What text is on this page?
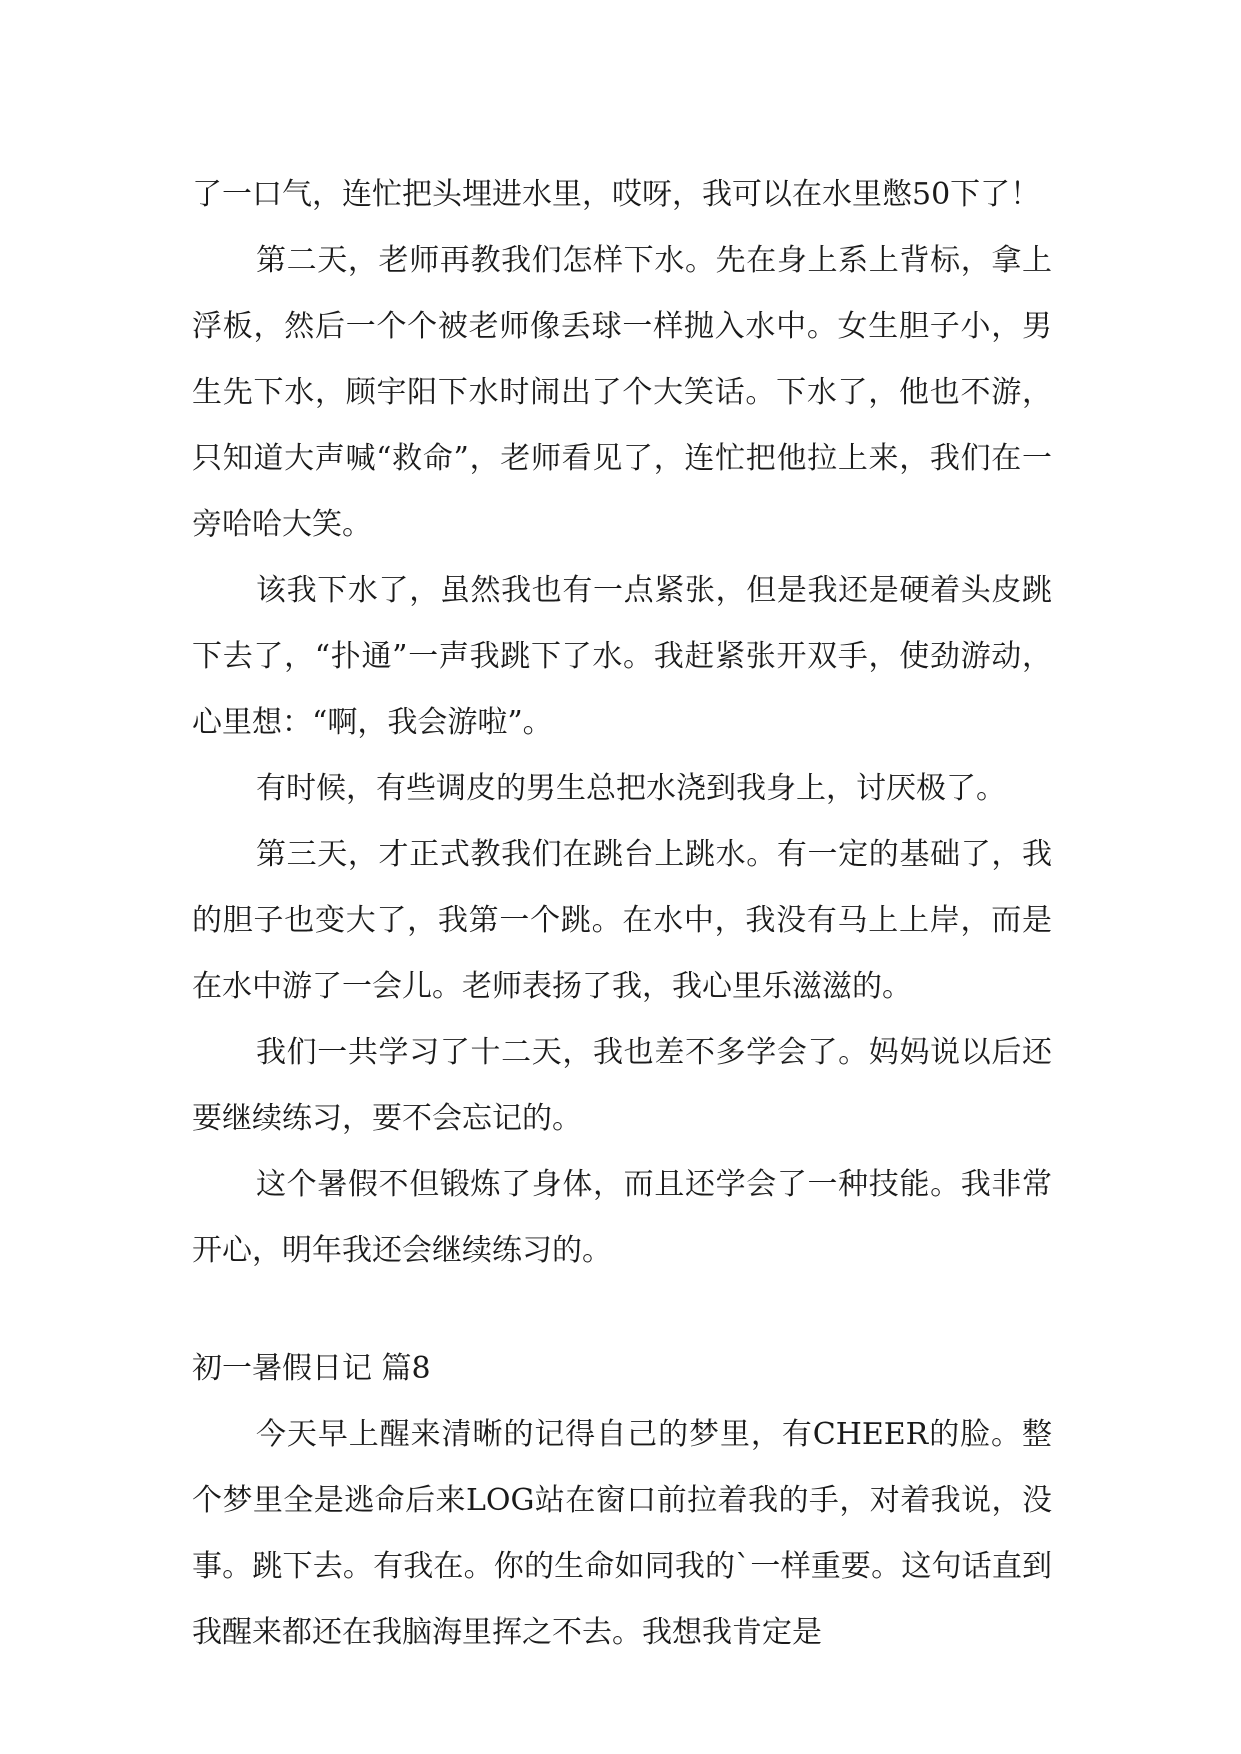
了一口气，连忙把头埋进水里，哎呀，我可以在水里憋50下了！

第二天，老师再教我们怎样下水。先在身上系上背标，拿上浮板，然后一个个被老师像丢球一样抛入水中。女生胆子小，男生先下水，顾宇阳下水时闹出了个大笑话。下水了，他也不游，只知道大声喊“救命”，老师看见了，连忙把他拉上来，我们在一旁哈哈大笑。

该我下水了，虽然我也有一点紧张，但是我还是硬着头皮跳下去了，“扑通”一声我跳下了水。我赶紧张开双手，使劲游动，心里想：“啊，我会游啦”。

有时候，有些调皮的男生总把水浇到我身上，讨厌极了。

第三天，才正式教我们在跳台上跳水。有一定的基础了，我的胆子也变大了，我第一个跳。在水中，我没有马上上岸，而是在水中游了一会儿。老师表扬了我，我心里乐滋滋的。

我们一共学习了十二天，我也差不多学会了。妈妈说以后还要继续练习，要不会忘记的。

这个暑假不但锻炼了身体，而且还学会了一种技能。我非常开心，明年我还会继续练习的。

初一暑假日记 篇8

今天早上醒来清晰的记得自己的梦里，有CHEER的脸。整个梦里全是逃命后来LOG站在窗口前拉着我的手，对着我说，没事。跳下去。有我在。你的生命如同我的`一样重要。这句话直到我醒来都还在我脑海里挥之不去。我想我肯定是
